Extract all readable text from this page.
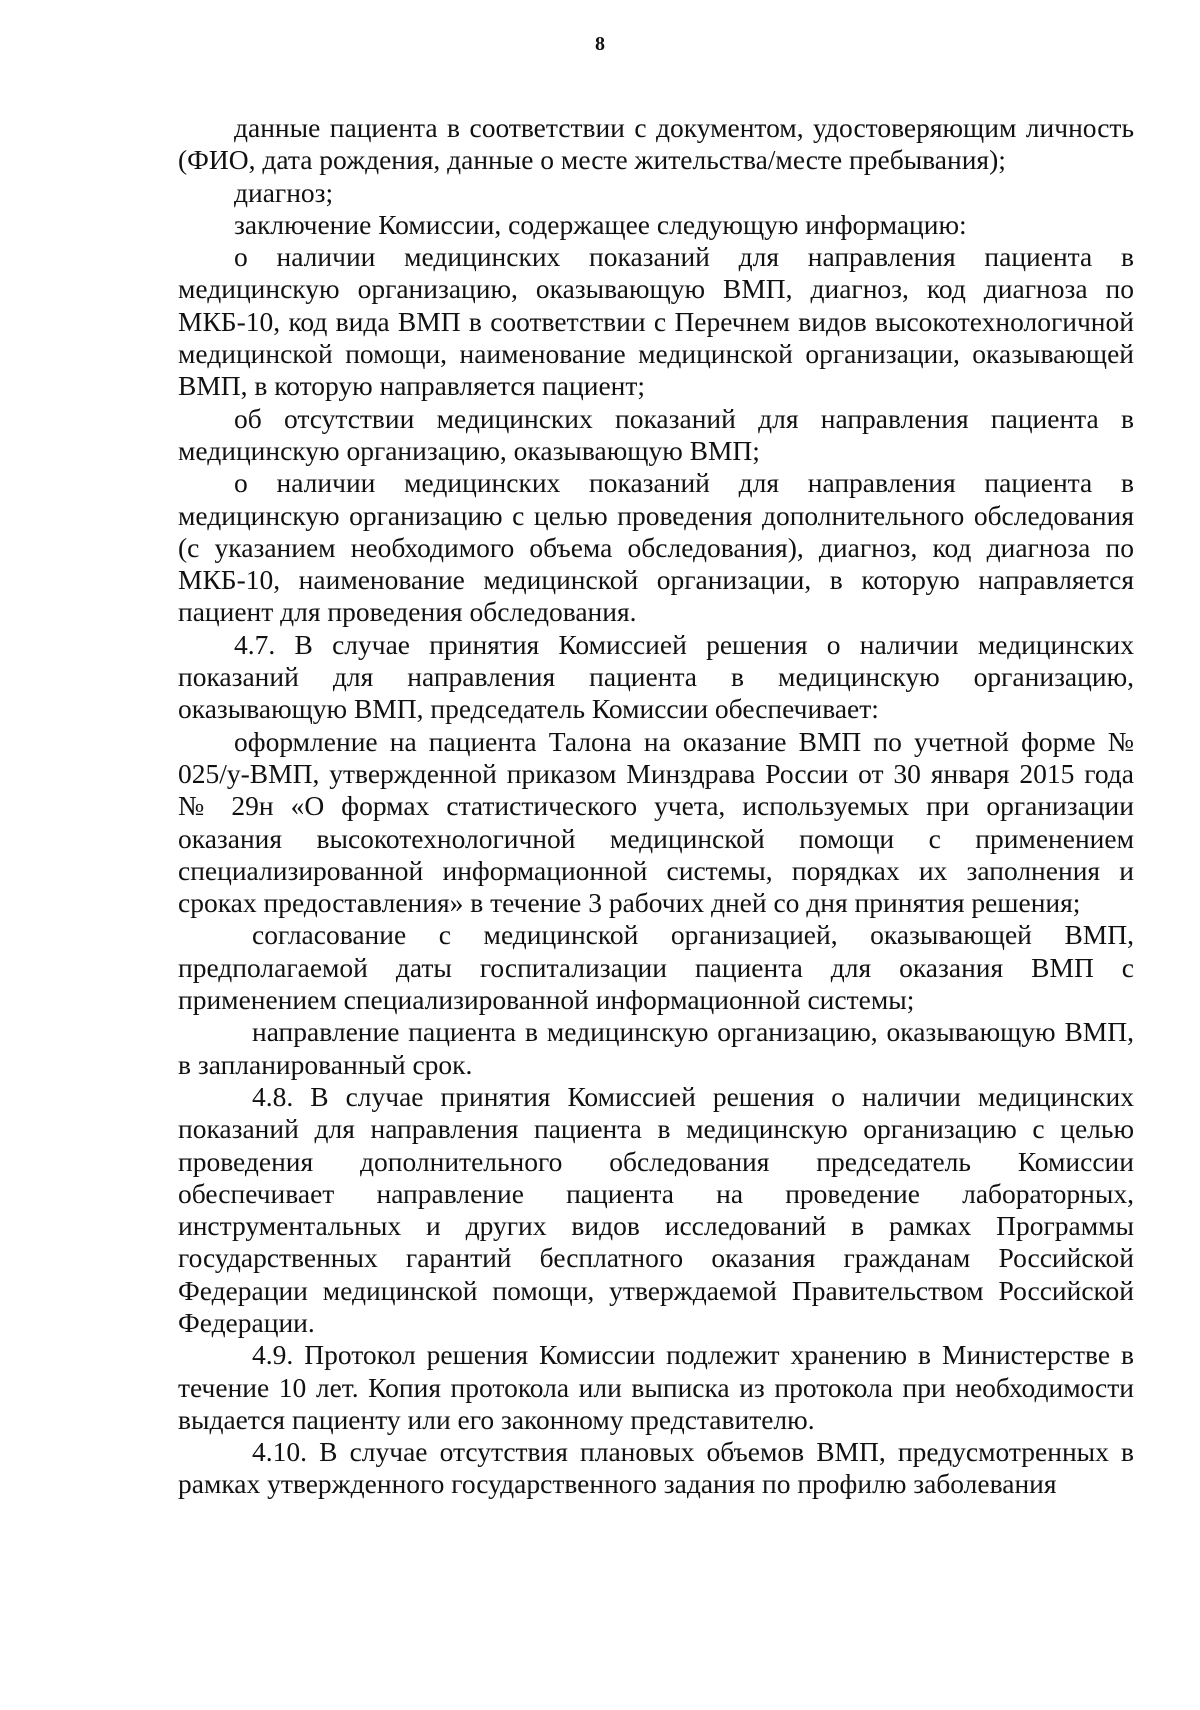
8

данные пациента в соответствии с документом, удостоверяющим личность (ФИО, дата рождения, данные о месте жительства/месте пребывания);

диагноз;

заключение Комиссии, содержащее следующую информацию:

о наличии медицинских показаний для направления пациента в медицинскую организацию, оказывающую ВМП, диагноз, код диагноза по МКБ-10, код вида ВМП в соответствии с Перечнем видов высокотехнологичной медицинской помощи, наименование медицинской организации, оказывающей ВМП, в которую направляется пациент;

об отсутствии медицинских показаний для направления пациента в медицинскую организацию, оказывающую ВМП;

о наличии медицинских показаний для направления пациента в медицинскую организацию с целью проведения дополнительного обследования (с указанием необходимого объема обследования), диагноз, код диагноза по МКБ-10, наименование медицинской организации, в которую направляется пациент для проведения обследования.

4.7. В случае принятия Комиссией решения о наличии медицинских показаний для направления пациента в медицинскую организацию, оказывающую ВМП, председатель Комиссии обеспечивает:

оформление на пациента Талона на оказание ВМП по учетной форме № 025/у-ВМП, утвержденной приказом Минздрава России от 30 января 2015 года № 29н «О формах статистического учета, используемых при организации оказания высокотехнологичной медицинской помощи с применением специализированной информационной системы, порядках их заполнения и сроках предоставления» в течение 3 рабочих дней со дня принятия решения;

согласование с медицинской организацией, оказывающей ВМП, предполагаемой даты госпитализации пациента для оказания ВМП с применением специализированной информационной системы;

направление пациента в медицинскую организацию, оказывающую ВМП, в запланированный срок.

4.8. В случае принятия Комиссией решения о наличии медицинских показаний для направления пациента в медицинскую организацию с целью проведения дополнительного обследования председатель Комиссии обеспечивает направление пациента на проведение лабораторных, инструментальных и других видов исследований в рамках Программы государственных гарантий бесплатного оказания гражданам Российской Федерации медицинской помощи, утверждаемой Правительством Российской Федерации.

4.9. Протокол решения Комиссии подлежит хранению в Министерстве в течение 10 лет. Копия протокола или выписка из протокола при необходимости выдается пациенту или его законному представителю.

4.10. В случае отсутствия плановых объемов ВМП, предусмотренных в рамках утвержденного государственного задания по профилю заболевания
